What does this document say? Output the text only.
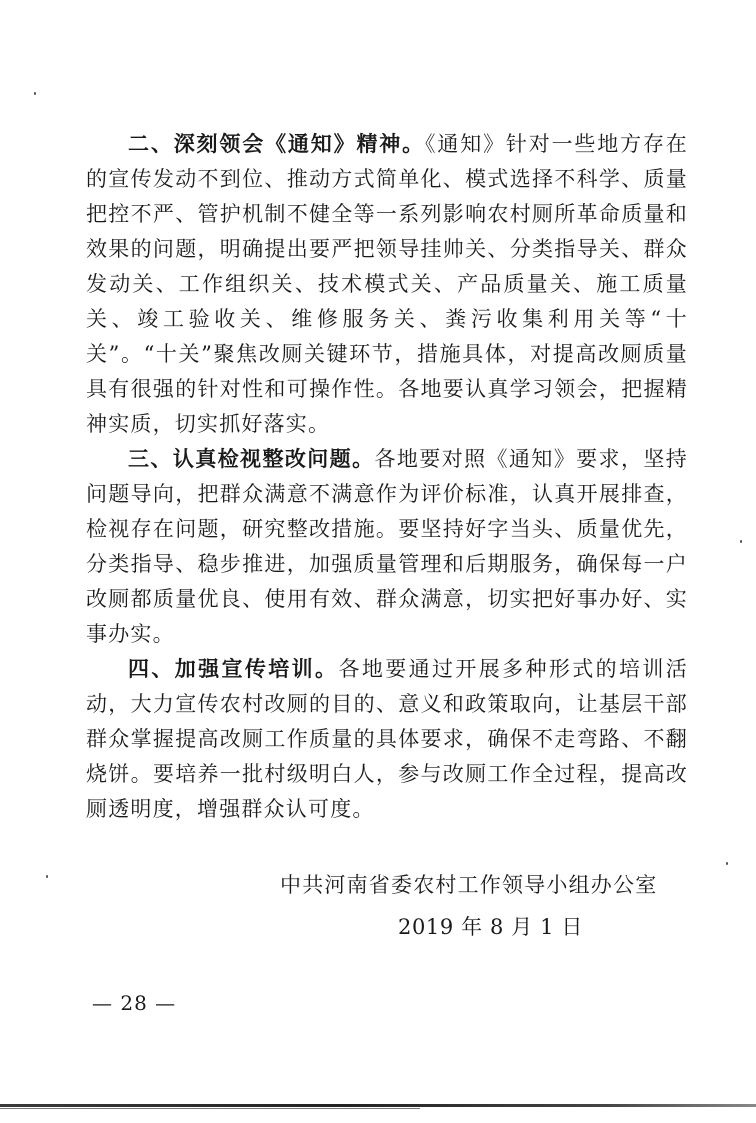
二、深刻领会《通知》精神。《通知》针对一些地方存在的宣传发动不到位、推动方式简单化、模式选择不科学、质量把控不严、管护机制不健全等一系列影响农村厕所革命质量和效果的问题，明确提出要严把领导挂帅关、分类指导关、群众发动关、工作组织关、技术模式关、产品质量关、施工质量关、竣工验收关、维修服务关、粪污收集利用关等“十关”。“十关”聚焦改厕关键环节，措施具体，对提高改厕质量具有很强的针对性和可操作性。各地要认真学习领会，把握精神实质，切实抓好落实。

三、认真检视整改问题。各地要对照《通知》要求，坚持问题导向，把群众满意不满意作为评价标准，认真开展排查，检视存在问题，研究整改措施。要坚持好字当头、质量优先，分类指导、稳步推进，加强质量管理和后期服务，确保每一户改厕都质量优良、使用有效、群众满意，切实把好事办好、实事办实。

四、加强宣传培训。各地要通过开展多种形式的培训活动，大力宣传农村改厕的目的、意义和政策取向，让基层干部群众掌握提高改厕工作质量的具体要求，确保不走弯路、不翻烧饼。要培养一批村级明白人，参与改厕工作全过程，提高改厕透明度，增强群众认可度。

中共河南省委农村工作领导小组办公室
2019 年 8 月 1 日
— 28 —
